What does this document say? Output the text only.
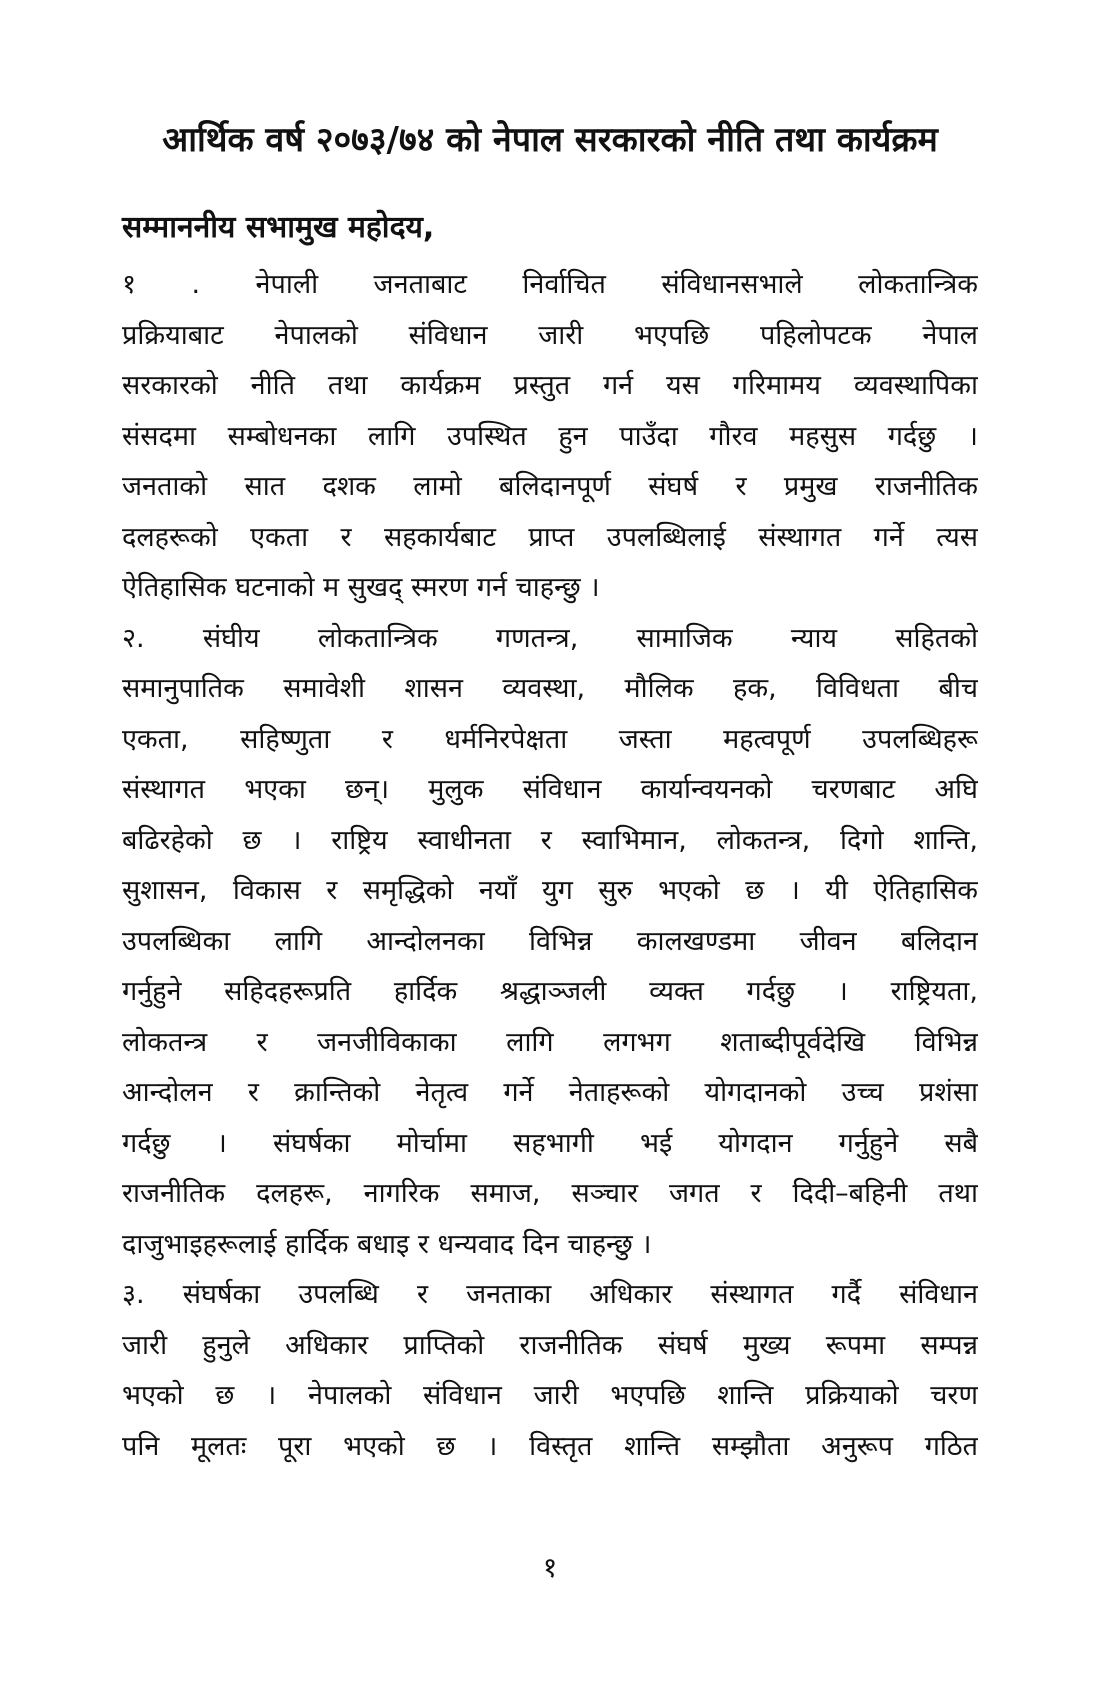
आर्थिक वर्ष २०७३/७४ को नेपाल सरकारको नीति तथा कार्यक्रम
सम्माननीय सभामुख महोदय,
१ . नेपाली जनताबाट निर्वाचित संविधानसभाले लोकतान्त्रिक
प्रक्रियाबाट नेपालको संविधान जारी भएपछि पहिलोपटक नेपाल
सरकारको नीति तथा कार्यक्रम प्रस्तुत गर्न यस गरिमामय व्यवस्थापिका
संसदमा सम्बोधनका लागि उपस्थित हुन पाउँदा गौरव महसुस गर्दछु ।
जनताको सात दशक लामो बलिदानपूर्ण संघर्ष र प्रमुख राजनीतिक
दलहरूको एकता र सहकार्यबाट प्राप्त उपलब्धिलाई संस्थागत गर्ने त्यस
ऐतिहासिक घटनाको म सुखद् स्मरण गर्न चाहन्छु ।
२. संघीय लोकतान्त्रिक गणतन्त्र, सामाजिक न्याय सहितको
समानुपातिक समावेशी शासन व्यवस्था, मौलिक हक, विविधता बीच
एकता, सहिष्णुता र धर्मनिरपेक्षता जस्ता महत्वपूर्ण उपलब्धिहरू
संस्थागत भएका छन्। मुलुक संविधान कार्यान्वयनको चरणबाट अघि
बढिरहेको छ । राष्ट्रिय स्वाधीनता र स्वाभिमान, लोकतन्त्र, दिगो शान्ति,
सुशासन, विकास र समृद्धिको नयाँ युग सुरु भएको छ । यी ऐतिहासिक
उपलब्धिका लागि आन्दोलनका विभिन्न कालखण्डमा जीवन बलिदान
गर्नुहुने सहिदहरूप्रति हार्दिक श्रद्धाञ्जली व्यक्त गर्दछु । राष्ट्रियता,
लोकतन्त्र र जनजीविकाका लागि लगभग शताब्दीपूर्वदेखि विभिन्न
आन्दोलन र क्रान्तिको नेतृत्व गर्ने नेताहरूको योगदानको उच्च प्रशंसा
गर्दछु । संघर्षका मोर्चामा सहभागी भई योगदान गर्नुहुने सबै
राजनीतिक दलहरू, नागरिक समाज, सञ्चार जगत र दिदी–बहिनी तथा
दाजुभाइहरूलाई हार्दिक बधाइ र धन्यवाद दिन चाहन्छु ।
३. संघर्षका उपलब्धि र जनताका अधिकार संस्थागत गर्दै संविधान
जारी हुनुले अधिकार प्राप्तिको राजनीतिक संघर्ष मुख्य रूपमा सम्पन्न
भएको छ । नेपालको संविधान जारी भएपछि शान्ति प्रक्रियाको चरण
पनि मूलतः पूरा भएको छ । विस्तृत शान्ति सम्झौता अनुरूप गठित
१
